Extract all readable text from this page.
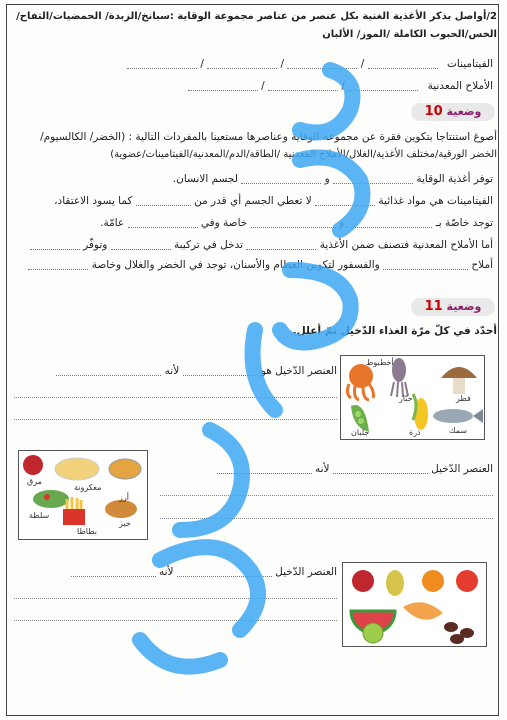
2/أواصل بذكر الأغذية الغنية بكل عنصر من عناصر مجموعة الوقاية :سبانخ/الزبدة/ الحمضيات/التفاح/
الخس/الحبوب الكاملة /الموز/ الألبان
الفيتامينات  /  /  /
الأملاح المعدنية  /  /
وضعية 10
أصوغ استنتاجا بتكوين فقرة عن مجموعة الوقاية وعناصرها مستعينا بالمفردات التالية : (الخضر/ الكالسيوم/
الخضر الورقية/مختلف الأغذية/الغلال/الأملاح المعدنية /الطاقة/الدم/المعدنية/الفيتامينات/عضوية)
توفر أغذية الوقاية  و  لجسم الانسان.
الفيتامينات هي مواد غذائية  لا تعطي الجسم أي قدر من  كما يسود الاعتقاد،
توجد خاصّة بـ  و  خاصة وفي  عامّة.
أما الأملاح المعدنية فتصنف ضمن الأغذية  تدخل في تركيبة  وتوفّر
أملاح  والفسفور لتكوين العظام والأسنان، توجد في الخضر والغلال وخاصة
وضعية 11
أحدّد في كلّ مرّة الغذاء الدّخيل ثمّ أعلل.
العنصر الدّخيل هو  لأنه
أخطبوط
حبّار	فطر
ذرة
جلبان	سمك
مرق
معكرونة
أرز
سلطة
بطاطا
خبز
العنصر الدّخيل  لأنه
العنصر الدّخيل  لأنه
